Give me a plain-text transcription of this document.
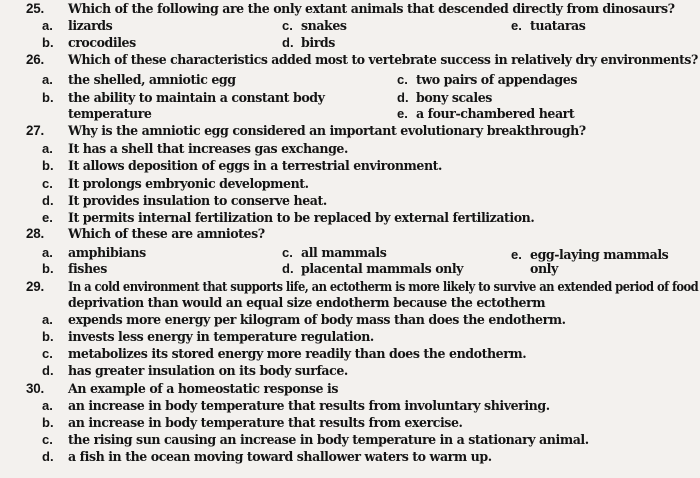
25. Which of the following are the only extant animals that descended directly from dinosaurs?
a. lizards
b. crocodiles
c. snakes
d. birds
e. tuataras
26. Which of these characteristics added most to vertebrate success in relatively dry environments?
a. the shelled, amniotic egg
b. the ability to maintain a constant body
temperature
c. two pairs of appendages
d. bony scales
e. a four-chambered heart
27. Why is the amniotic egg considered an important evolutionary breakthrough?
a. It has a shell that increases gas exchange.
b. It allows deposition of eggs in a terrestrial environment.
c. It prolongs embryonic development.
d. It provides insulation to conserve heat.
e. It permits internal fertilization to be replaced by external fertilization.
28. Which of these are amniotes?
a. amphibians
b. fishes
c. all mammals
d. placental mammals only
e. egg-laying mammals
only
29. In a cold environment that supports life, an ectotherm is more likely to survive an extended period of food
deprivation than would an equal size endotherm because the ectotherm
a. expends more energy per kilogram of body mass than does the endotherm.
b. invests less energy in temperature regulation.
c. metabolizes its stored energy more readily than does the endotherm.
d. has greater insulation on its body surface.
30. An example of a homeostatic response is
a. an increase in body temperature that results from involuntary shivering.
b. an increase in body temperature that results from exercise.
c. the rising sun causing an increase in body temperature in a stationary animal.
d. a fish in the ocean moving toward shallower waters to warm up.
